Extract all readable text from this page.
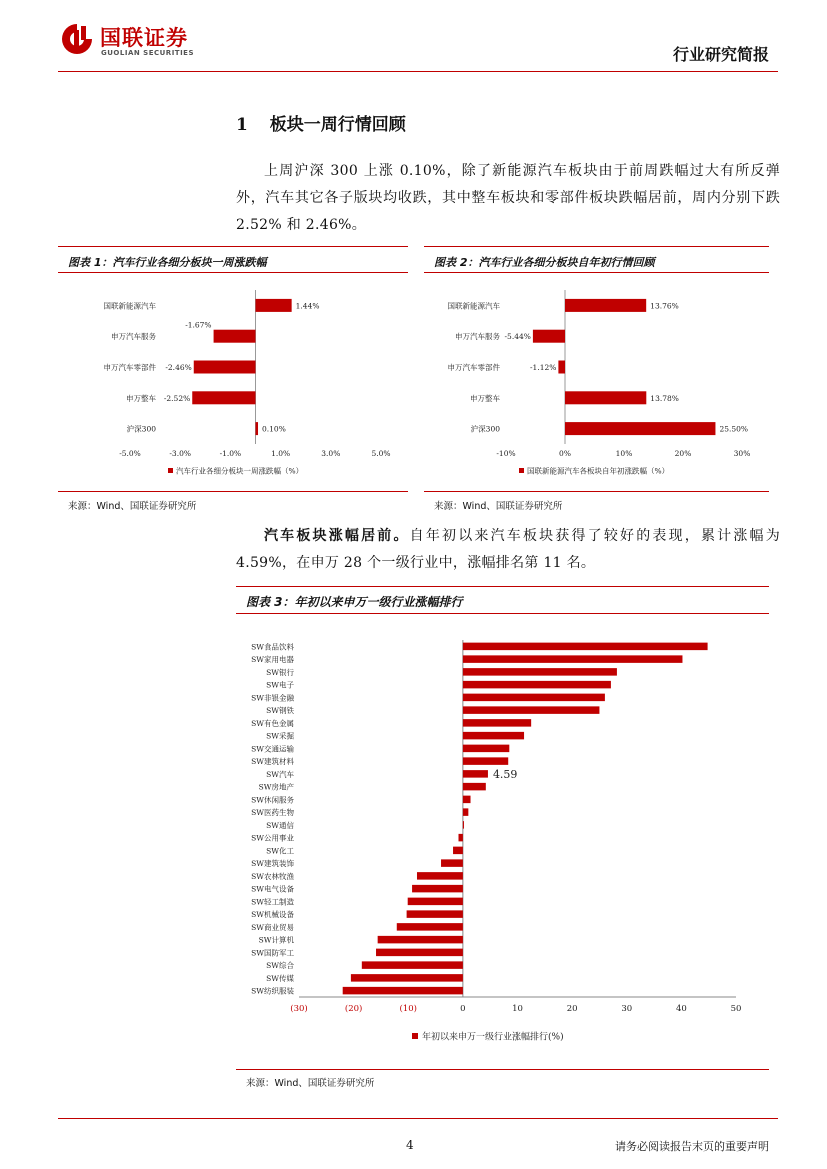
国联证券
GUOLIAN SECURITIES	行业研究简报
1 板块一周行情回顾
上周沪深 300 上涨 0.10%，除了新能源汽车板块由于前周跌幅过大有所反弹外，汽车其它各子版块均收跌，其中整车板块和零部件板块跌幅居前，周内分别下跌 2.52% 和 2.46%。
图表 1：汽车行业各细分板块一周涨跌幅
国联新能源汽车	1.44%
申万汽车服务
-1.67%
申万汽车零部件 -2.46%
申万整车 -2.52%
沪深300	0.10%
-5.0%	-3.0%	-1.0%	1.0%	3.0%	5.0%
汽车行业各细分板块一周涨跌幅（%）
来源：Wind、国联证券研究所
图表 2：汽车行业各细分板块自年初行情回顾
国联新能源汽车	13.76%
申万汽车服务 -5.44%
申万汽车零部件	-1.12%
申万整车	13.78%
沪深300	25.50%
-10%	0%	10%	20%	30%
国联新能源汽车各板块自年初涨跌幅（%）
来源：Wind、国联证券研究所
汽车板块涨幅居前。自年初以来汽车板块获得了较好的表现，累计涨幅为 4.59%，在申万 28 个一级行业中，涨幅排名第 11 名。
图表 3：年初以来申万一级行业涨幅排行
SW食品饮料
SW家用电器
SW银行
SW电子
SW非银金融
SW钢铁
SW有色金属
SW采掘
SW交通运输
SW建筑材料
SW汽车	4.59
SW房地产
SW休闲服务
SW医药生物
SW通信
SW公用事业
SW化工
SW建筑装饰
SW农林牧渔
SW电气设备
SW轻工制造
SW机械设备
SW商业贸易
SW计算机
SW国防军工
SW综合
SW传媒
SW纺织服装
(30)	(20)	(10)	0	10	20	30	40	50
年初以来申万一级行业涨幅排行(%)
来源：Wind、国联证券研究所
4	请务必阅读报告末页的重要声明
